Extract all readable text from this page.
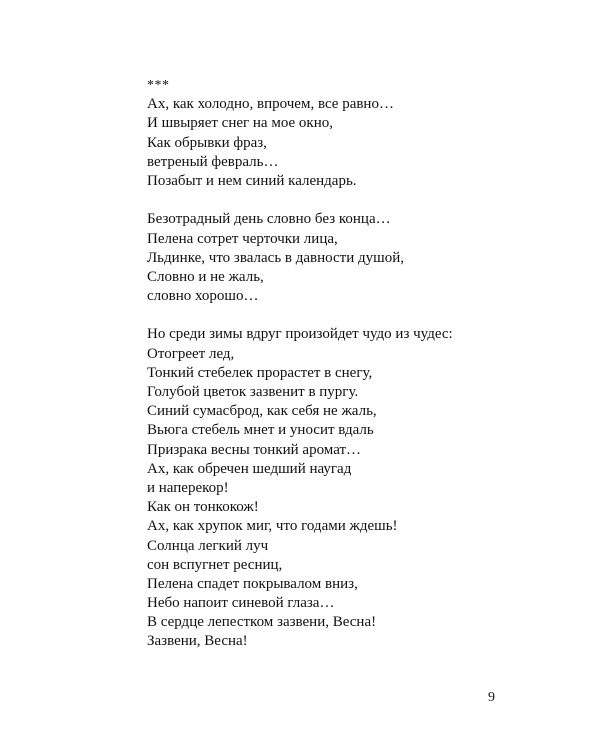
***
Ах, как холодно, впрочем, все равно…
И швыряет снег на мое окно,
Как обрывки фраз,
ветреный февраль…
Позабыт и нем синий календарь.
Безотрадный день словно без конца…
Пелена сотрет черточки лица,
Льдинке, что звалась в давности душой,
Словно и не жаль,
словно хорошо…
Но среди зимы вдруг произойдет чудо из чудес:
Отогреет лед,
Тонкий стебелек прорастет в снегу,
Голубой цветок зазвенит в пургу.
Синий сумасброд, как себя не жаль,
Вьюга стебель мнет и уносит вдаль
Призрака весны тонкий аромат…
Ах, как обречен шедший наугад
и наперекор!
Как он тонкокож!
Ах, как хрупок миг, что годами ждешь!
Солнца легкий луч
сон вспугнет ресниц,
Пелена спадет покрывалом вниз,
Небо напоит синевой глаза…
В сердце лепестком зазвени, Весна!
Зазвени, Весна!
9
